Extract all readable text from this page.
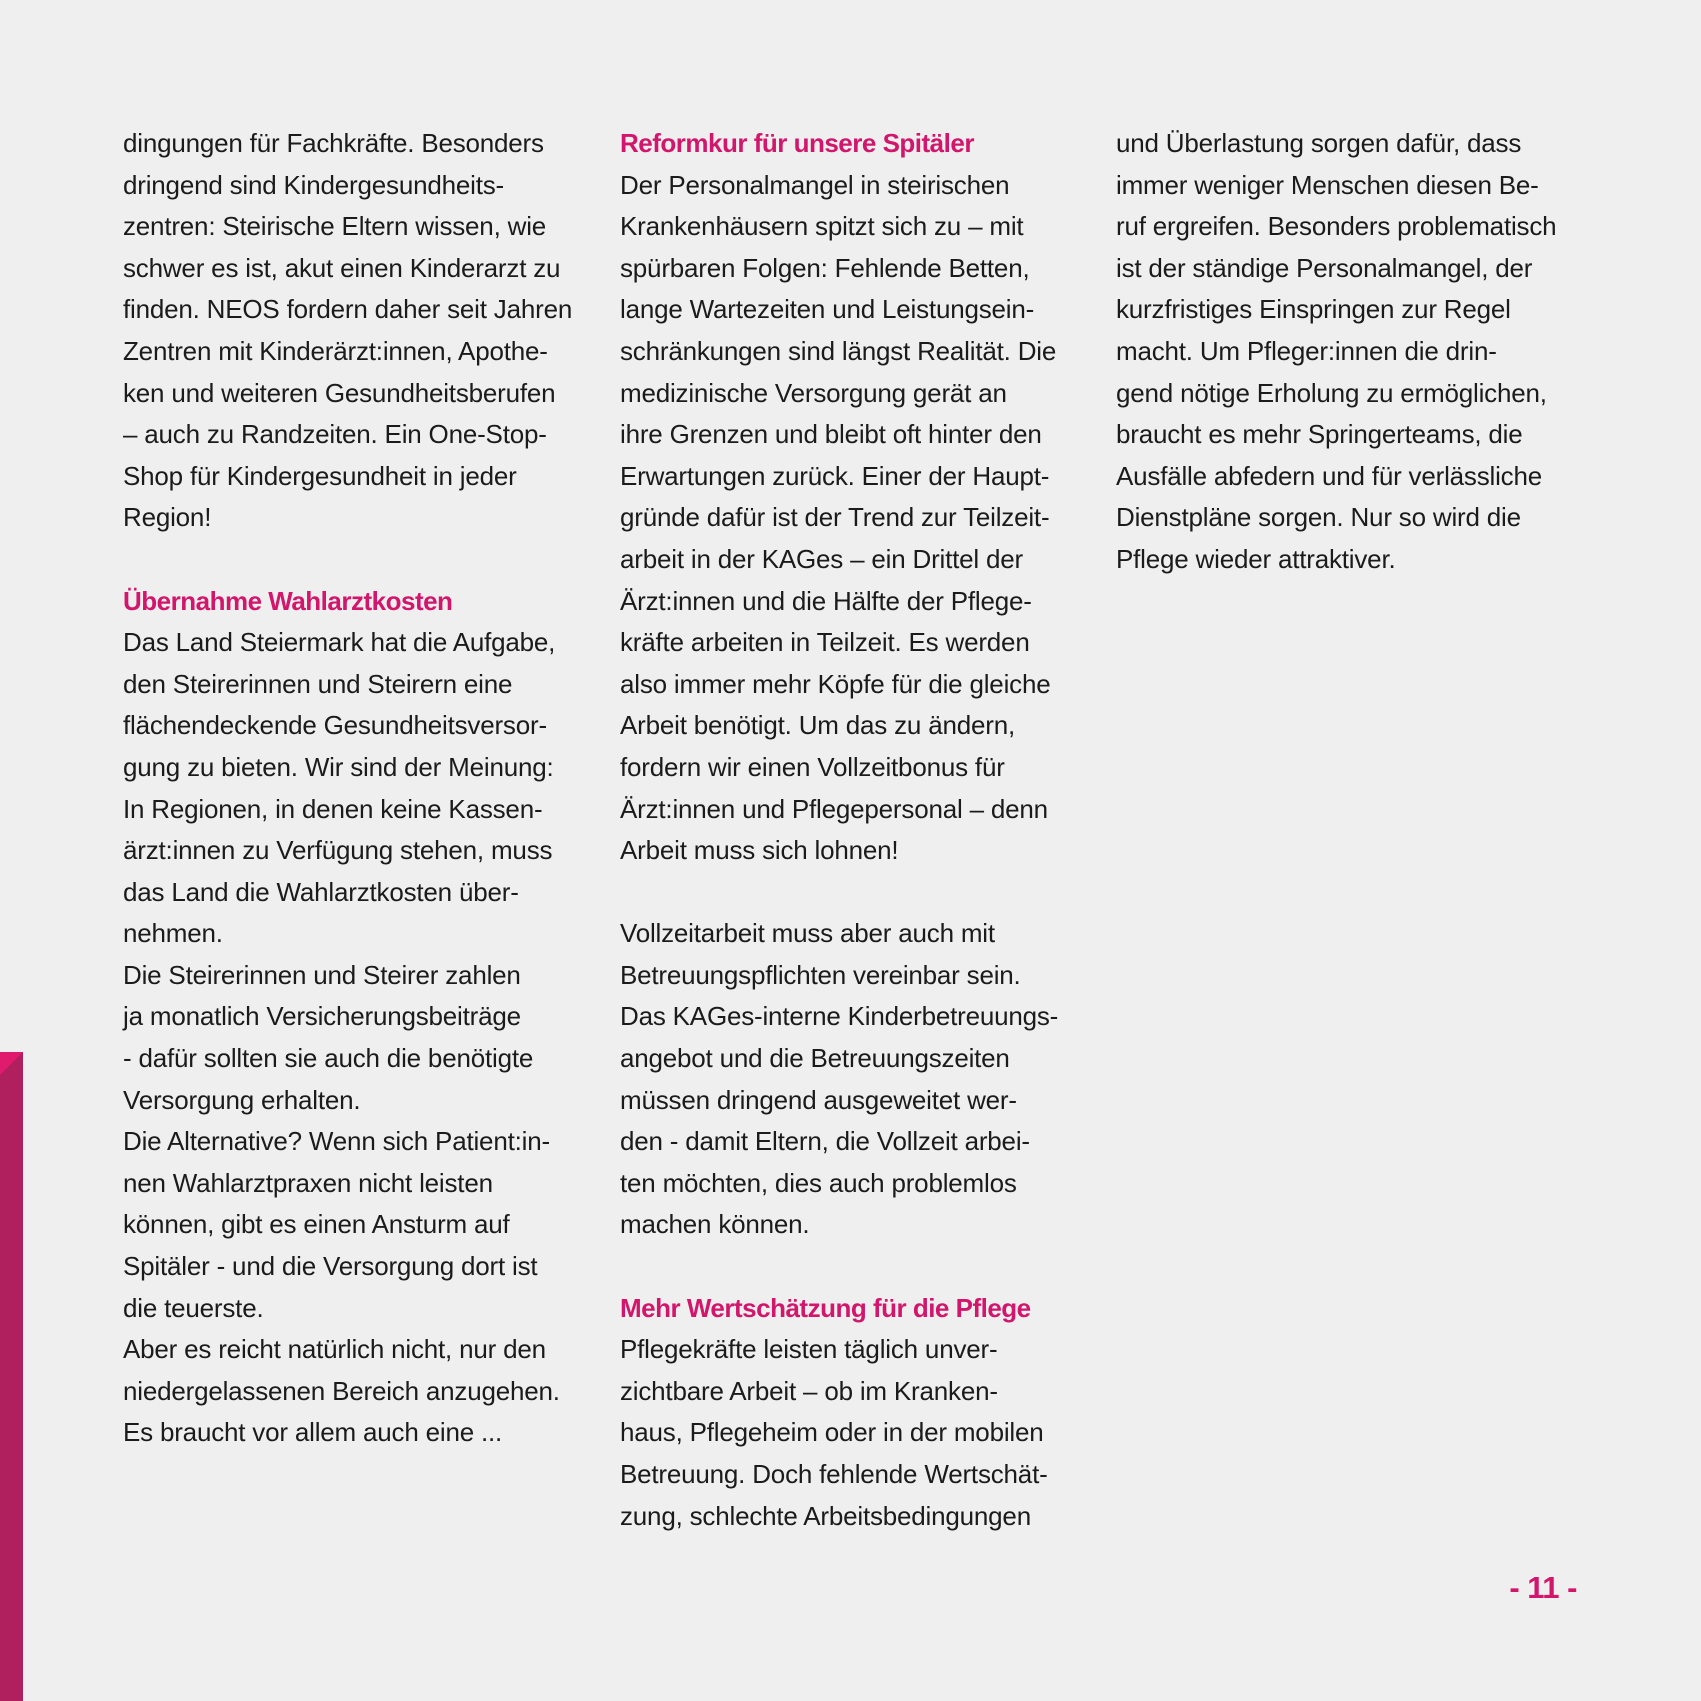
dingungen für Fachkräfte. Besonders
dringend sind Kindergesundheits-
zentren: Steirische Eltern wissen, wie
schwer es ist, akut einen Kinderarzt zu
finden. NEOS fordern daher seit Jahren
Zentren mit Kinderärzt:innen, Apothe-
ken und weiteren Gesundheitsberufen
– auch zu Randzeiten. Ein One-Stop-
Shop für Kindergesundheit in jeder
Region!
Übernahme Wahlarztkosten
Das Land Steiermark hat die Aufgabe,
den Steirerinnen und Steirern eine
flächendeckende Gesundheitsversor-
gung zu bieten. Wir sind der Meinung:
In Regionen, in denen keine Kassen-
ärzt:innen zu Verfügung stehen, muss
das Land die Wahlarztkosten über-
nehmen.
Die Steirerinnen und Steirer zahlen
ja monatlich Versicherungsbeiträge
- dafür sollten sie auch die benötigte
Versorgung erhalten.
Die Alternative? Wenn sich Patient:in-
nen Wahlarztpraxen nicht leisten
können, gibt es einen Ansturm auf
Spitäler - und die Versorgung dort ist
die teuerste.
Aber es reicht natürlich nicht, nur den
niedergelassenen Bereich anzugehen.
Es braucht vor allem auch eine ...
Reformkur für unsere Spitäler
Der Personalmangel in steirischen
Krankenhäusern spitzt sich zu – mit
spürbaren Folgen: Fehlende Betten,
lange Wartezeiten und Leistungsein-
schränkungen sind längst Realität. Die
medizinische Versorgung gerät an
ihre Grenzen und bleibt oft hinter den
Erwartungen zurück. Einer der Haupt-
gründe dafür ist der Trend zur Teilzeit-
arbeit in der KAGes – ein Drittel der
Ärzt:innen und die Hälfte der Pflege-
kräfte arbeiten in Teilzeit. Es werden
also immer mehr Köpfe für die gleiche
Arbeit benötigt. Um das zu ändern,
fordern wir einen Vollzeitbonus für
Ärzt:innen und Pflegepersonal – denn
Arbeit muss sich lohnen!
Vollzeitarbeit muss aber auch mit
Betreuungspflichten vereinbar sein.
Das KAGes-interne Kinderbetreuungs-
angebot und die Betreuungszeiten
müssen dringend ausgeweitet wer-
den - damit Eltern, die Vollzeit arbei-
ten möchten, dies auch problemlos
machen können.
Mehr Wertschätzung für die Pflege
Pflegekräfte leisten täglich unver-
zichtbare Arbeit – ob im Kranken-
haus, Pflegeheim oder in der mobilen
Betreuung. Doch fehlende Wertschät-
zung, schlechte Arbeitsbedingungen
und Überlastung sorgen dafür, dass
immer weniger Menschen diesen Be-
ruf ergreifen. Besonders problematisch
ist der ständige Personalmangel, der
kurzfristiges Einspringen zur Regel
macht. Um Pfleger:innen die drin-
gend nötige Erholung zu ermöglichen,
braucht es mehr Springerteams, die
Ausfälle abfedern und für verlässliche
Dienstpläne sorgen. Nur so wird die
Pflege wieder attraktiver.
- 11 -
